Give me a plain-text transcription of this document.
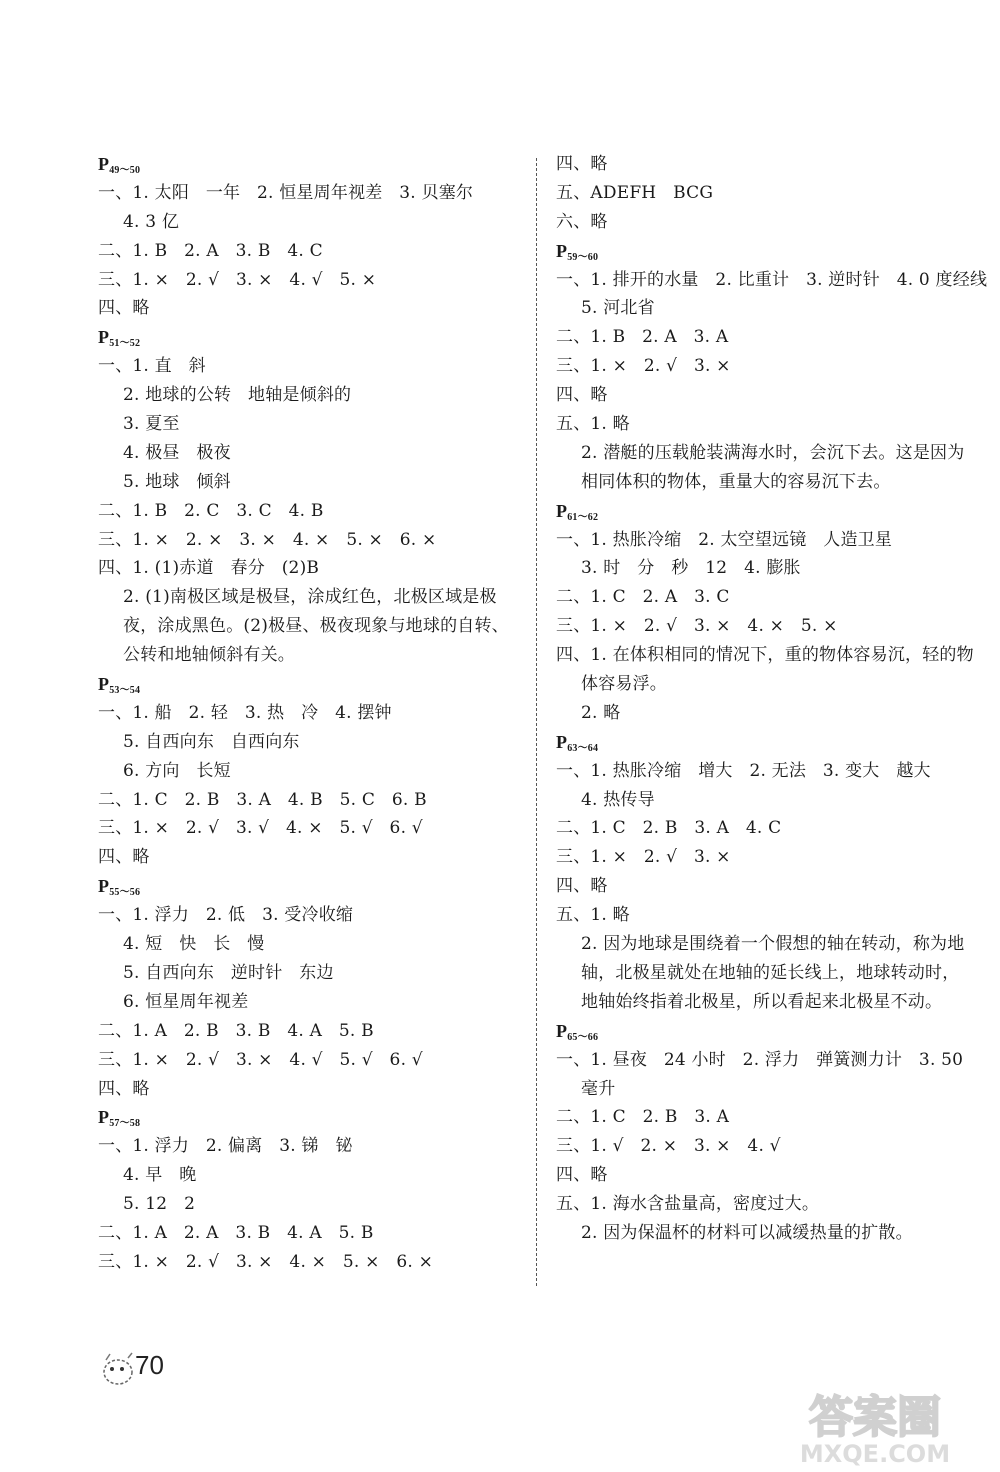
$P_{49\sim 50}$
一、1. 太阳   一年   2. 恒星周年视差   3. 贝塞尔
4. 3 亿
二、1. B   2. A   3. B   4. C
三、1. ×   2. √   3. ×   4. √   5. ×
四、略
$P_{51\sim 52}$
一、1. 直   斜
2. 地球的公转   地轴是倾斜的
3. 夏至
4. 极昼   极夜
5. 地球   倾斜
二、1. B   2. C   3. C   4. B
三、1. ×   2. ×   3. ×   4. ×   5. ×   6. ×
四、1. (1)赤道   春分   (2)B
2. (1)南极区域是极昼，涂成红色，北极区域是极
夜，涂成黑色。(2)极昼、极夜现象与地球的自转、
公转和地轴倾斜有关。
$P_{53\sim 54}$
一、1. 船   2. 轻   3. 热   冷   4. 摆钟
5. 自西向东   自西向东
6. 方向   长短
二、1. C   2. B   3. A   4. B   5. C   6. B
三、1. ×   2. √   3. √   4. ×   5. √   6. √
四、略
$P_{55\sim 56}$
一、1. 浮力   2. 低   3. 受冷收缩
4. 短   快   长   慢
5. 自西向东   逆时针   东边
6. 恒星周年视差
二、1. A   2. B   3. B   4. A   5. B
三、1. ×   2. √   3. ×   4. √   5. √   6. √
四、略
$P_{57\sim 58}$
一、1. 浮力   2. 偏离   3. 锑   铋
4. 早   晚
5. 12   2
二、1. A   2. A   3. B   4. A   5. B
三、1. ×   2. √   3. ×   4. ×   5. ×   6. ×
四、略
五、ADEFH   BCG
六、略
$P_{59\sim 60}$
一、1. 排开的水量   2. 比重计   3. 逆时针   4. 0 度经线
5. 河北省
二、1. B   2. A   3. A
三、1. ×   2. √   3. ×
四、略
五、1. 略
2. 潜艇的压载舱装满海水时，会沉下去。这是因为
相同体积的物体，重量大的容易沉下去。
$P_{61\sim 62}$
一、1. 热胀冷缩   2. 太空望远镜   人造卫星
3. 时   分   秒   12   4. 膨胀
二、1. C   2. A   3. C
三、1. ×   2. √   3. ×   4. ×   5. ×
四、1. 在体积相同的情况下，重的物体容易沉，轻的物
体容易浮。
2. 略
$P_{63\sim 64}$
一、1. 热胀冷缩   增大   2. 无法   3. 变大   越大
4. 热传导
二、1. C   2. B   3. A   4. C
三、1. ×   2. √   3. ×
四、略
五、1. 略
2. 因为地球是围绕着一个假想的轴在转动，称为地
轴，北极星就处在地轴的延长线上，地球转动时，
地轴始终指着北极星，所以看起来北极星不动。
$P_{65\sim 66}$
一、1. 昼夜   24 小时   2. 浮力   弹簧测力计   3. 50
毫升
二、1. C   2. B   3. A
三、1. √   2. ×   3. ×   4. √
四、略
五、1. 海水含盐量高，密度过大。
2. 因为保温杯的材料可以减缓热量的扩散。
70
答案圈
MXQE.COM
